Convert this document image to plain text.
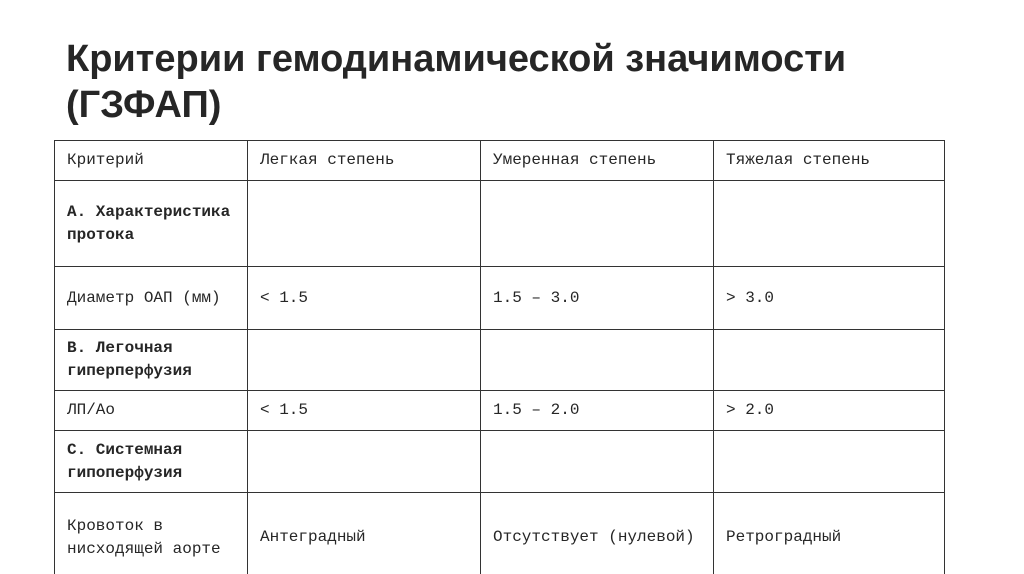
Критерии гемодинамической значимости (ГЗФАП)
Критерий	Легкая степень	Умеренная степень	Тяжелая степень
А. Характеристика протока			
Диаметр ОАП (мм)	< 1.5	1.5 – 3.0	> 3.0
В. Легочная гиперперфузия			
ЛП/Ао	< 1.5	1.5 – 2.0	> 2.0
С. Системная гипоперфузия			
Кровоток в нисходящей аорте	Антеградный	Отсутствует (нулевой)	Ретроградный
